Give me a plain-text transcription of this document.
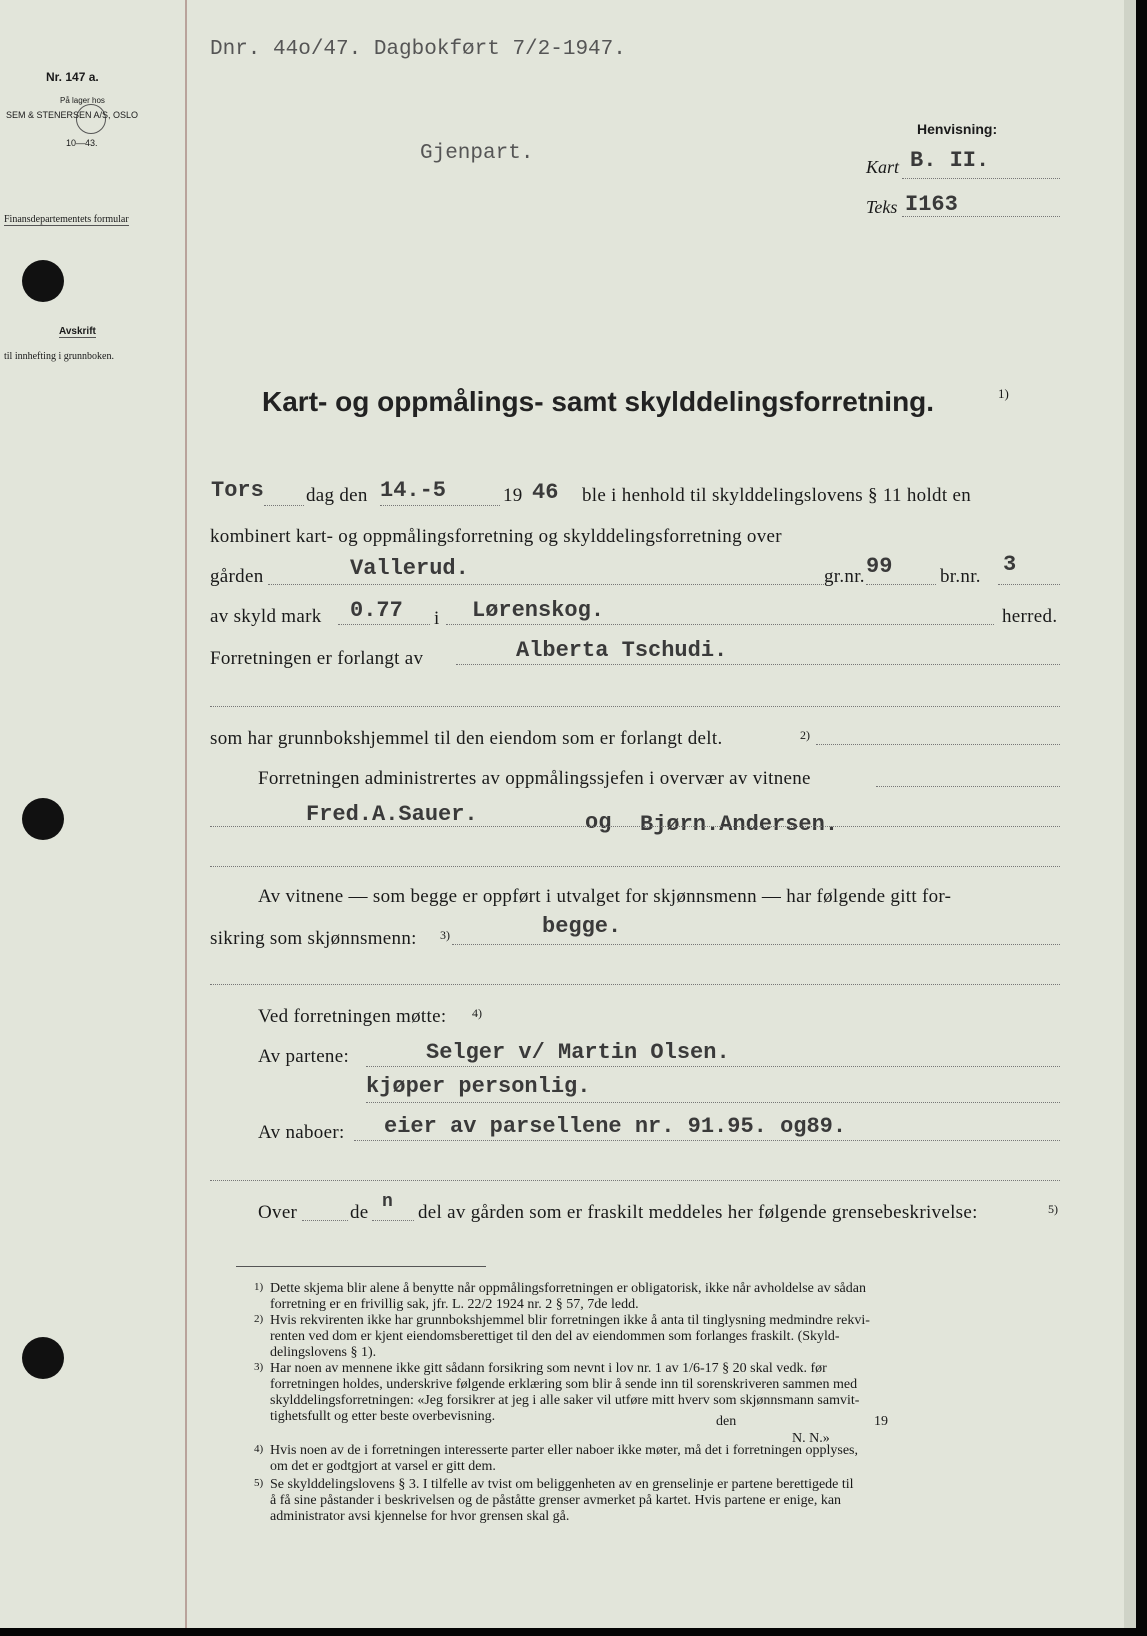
Nr. 147 a.
På lager hos
SEM & STENERSEN A/S, OSLO
10—43.
Finansdepartementets formular
Avskrift
til innhefting i grunnboken.
Dnr. 44o/47. Dagbokført 7/2-1947.
Gjenpart.
Henvisning:
Kart B. II.
Teks I163
Kart- og oppmålings- samt skylddelingsforretning.	1)
Tors dag den 14.-5	19 46 ble i henhold til skylddelingslovens § 11 holdt en
kombinert kart- og oppmålingsforretning og skylddelingsforretning over
gården	Vallerud.	gr.nr. 99	br.nr. 3
av skyld mark 0.77 i Lørenskog.	herred.
Forretningen er forlangt av	Alberta Tschudi.
som har grunnbokshjemmel til den eiendom som er forlangt delt.	2)
Forretningen administrertes av oppmålingssjefen i overvær av vitnene
Fred.A.Sauer.	og Bjørn.Andersen.
Av vitnene — som begge er oppført i utvalget for skjønnsmenn — har følgende gitt for-
sikring som skjønnsmenn: 3)	begge.
Ved forretningen møtte: 4)
Av partene:	Selger v/ Martin Olsen.
kjøper personlig.
Av naboer: eier av parsellene nr. 91.95. og89.
Over	de n del av gården som er fraskilt meddeles her følgende grensebeskrivelse:	5)
1) Dette skjema blir alene å benytte når oppmålingsforretningen er obligatorisk, ikke når avholdelse av sådan
forretning er en frivillig sak, jfr. L. 22/2 1924 nr. 2 § 57, 7de ledd.
2) Hvis rekvirenten ikke har grunnbokshjemmel blir forretningen ikke å anta til tinglysning medmindre rekvi-
renten ved dom er kjent eiendomsberettiget til den del av eiendommen som forlanges fraskilt. (Skyld-
delingslovens § 1).
3) Har noen av mennene ikke gitt sådann forsikring som nevnt i lov nr. 1 av 1/6-17 § 20 skal vedk. før
forretningen holdes, underskrive følgende erklæring som blir å sende inn til sorenskriveren sammen med
skylddelingsforretningen: «Jeg forsikrer at jeg i alle saker vil utføre mitt hverv som skjønnsmann samvit-
tighetsfullt og etter beste overbevisning.
4) Hvis noen av de i forretningen interesserte parter eller naboer ikke møter, må det i forretningen opplyses,
om det er godtgjort at varsel er gitt dem.
5) Se skylddelingslovens § 3. I tilfelle av tvist om beliggenheten av en grenselinje er partene berettigede til
å få sine påstander i beskrivelsen og de påståtte grenser avmerket på kartet. Hvis partene er enige, kan
administrator avsi kjennelse for hvor grensen skal gå.
den	19
N. N.»
